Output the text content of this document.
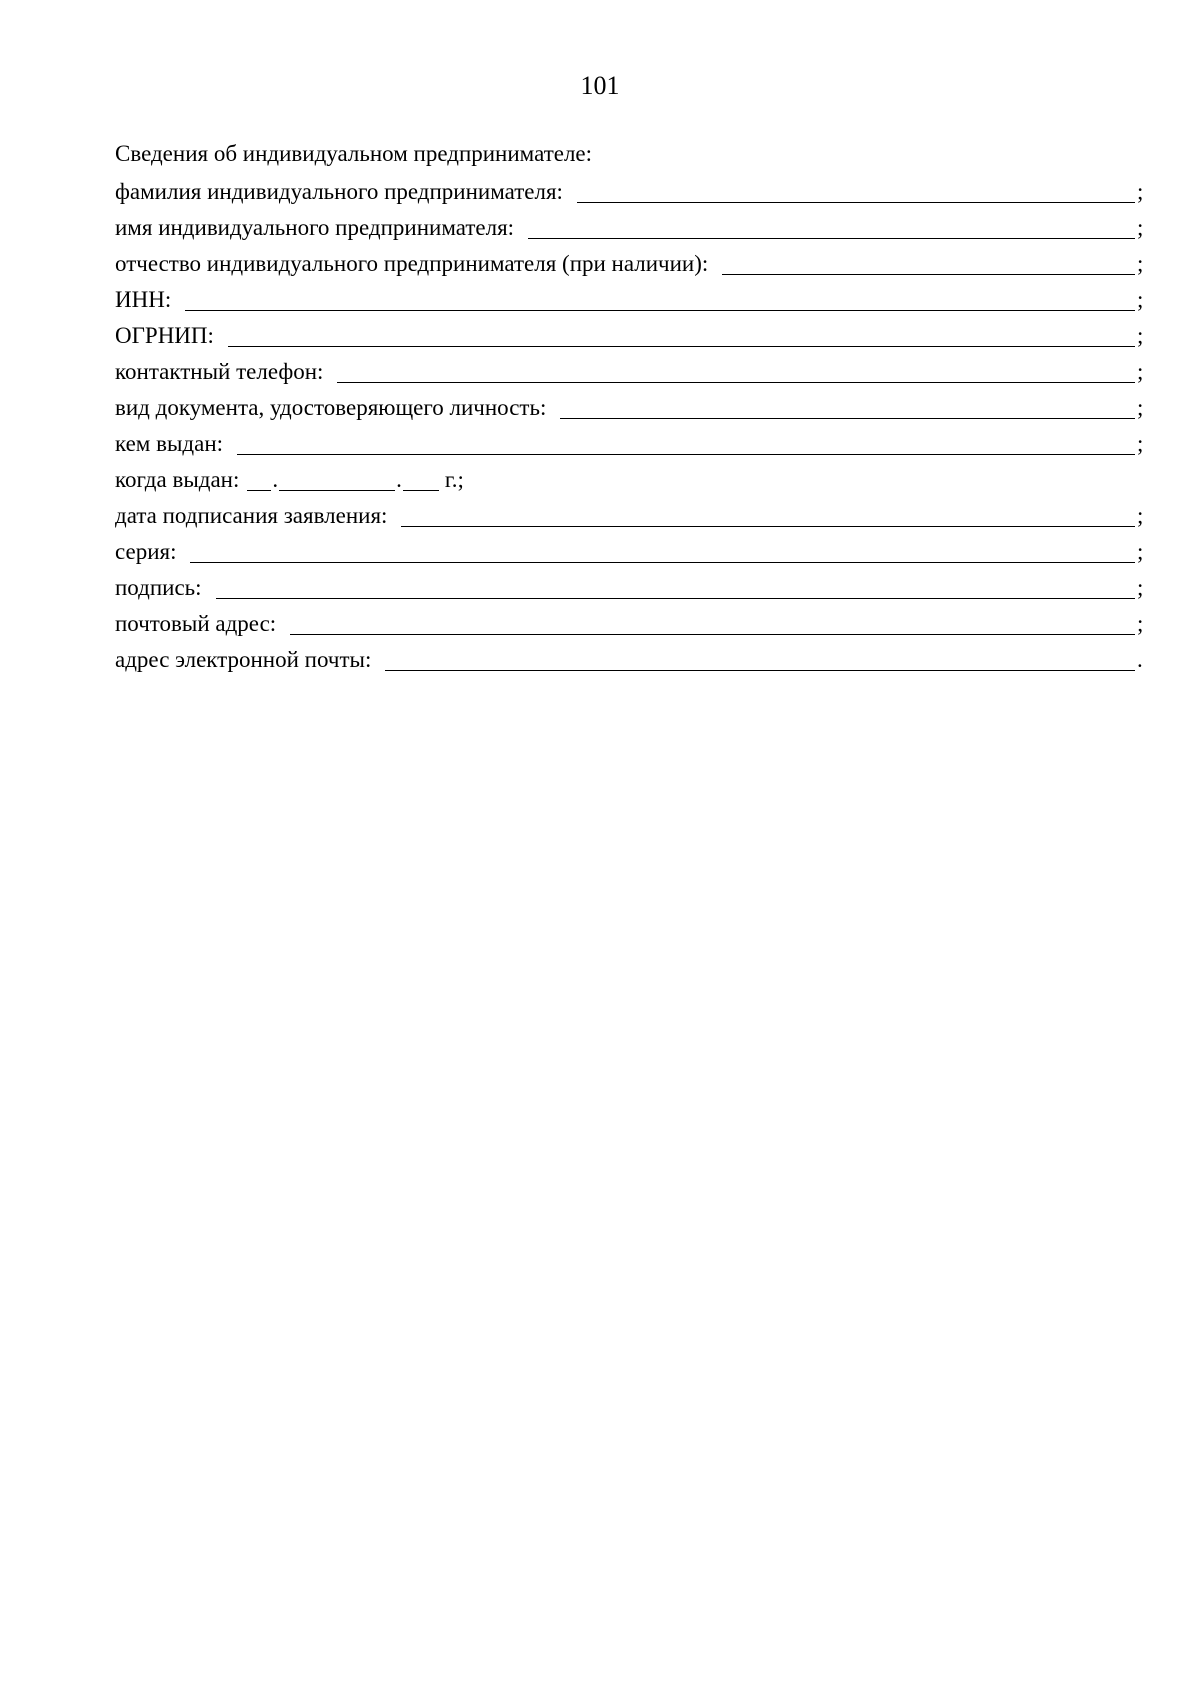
101
Сведения об индивидуальном предпринимателе:
фамилия индивидуального предпринимателя:	;
имя индивидуального предпринимателя:	;
отчество индивидуального предпринимателя (при наличии):	;
ИНН:	;
ОГРНИП:	;
контактный телефон:	;
вид документа, удостоверяющего личность:	;
кем выдан:	;
когда выдан:	.	. г.;
дата подписания заявления:	;
серия:	;
подпись:	;
почтовый адрес:	;
адрес электронной почты:	.
